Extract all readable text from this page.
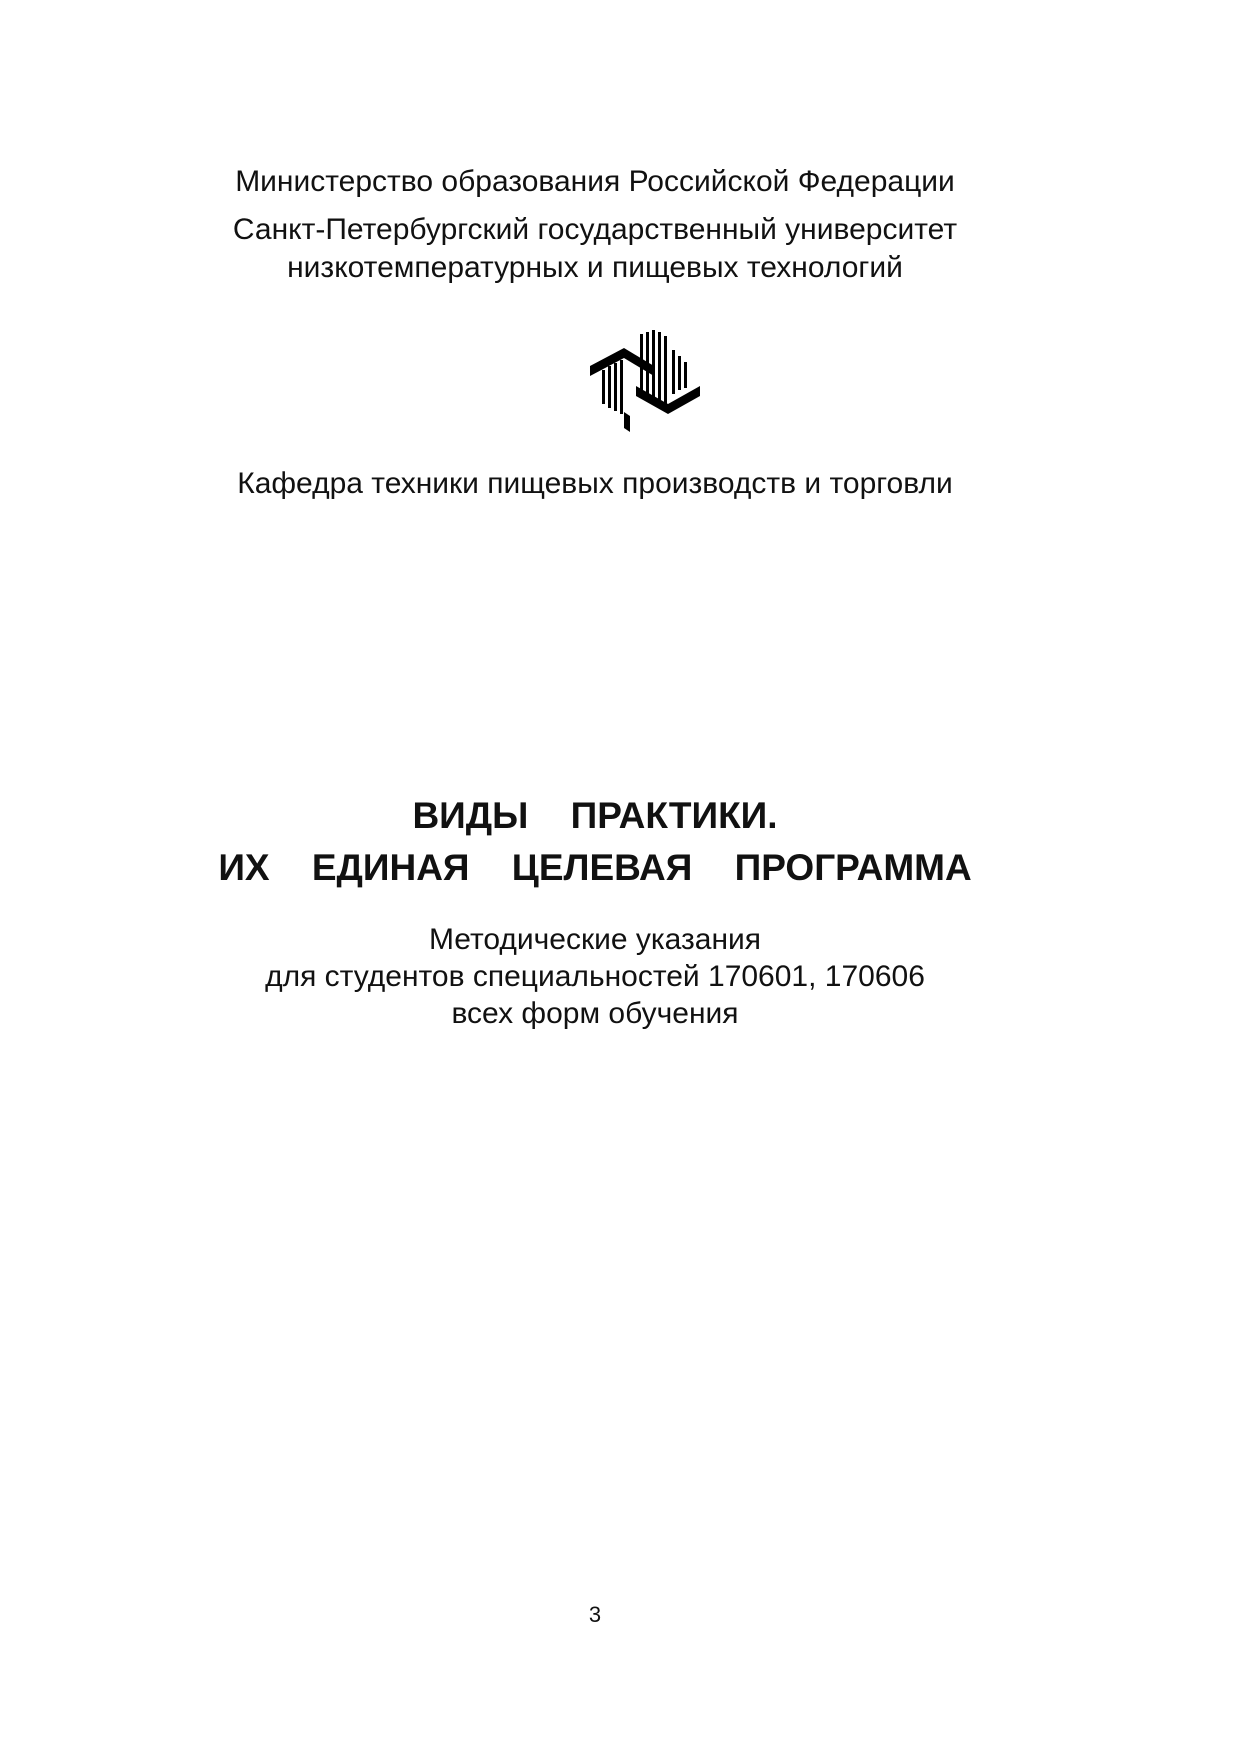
Министерство образования Российской Федерации
Санкт-Петербургский государственный университет
низкотемпературных и пищевых технологий
Кафедра техники пищевых производств и торговли
ВИДЫ ПРАКТИКИ.
ИХ ЕДИНАЯ ЦЕЛЕВАЯ ПРОГРАММА
Методические указания
для студентов специальностей 170601, 170606
всех форм обучения
3
